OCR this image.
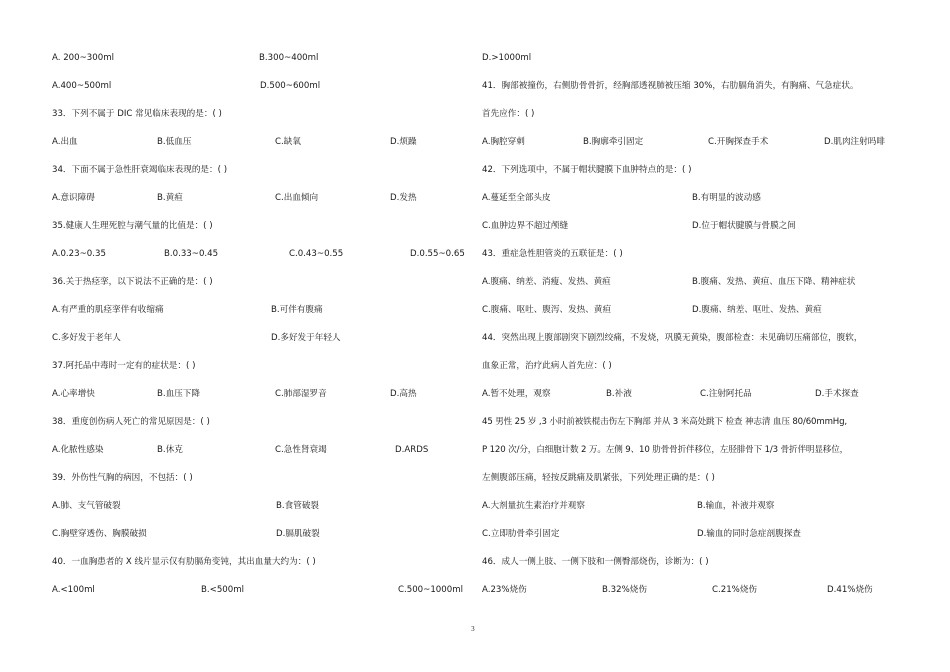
A. 200~300ml	B.300~400ml
A.400~500ml	D.500~600ml
33．下列不属于 DIC 常见临床表现的是：( )
A.出血	B.低血压	C.缺氧	D.烦躁
34．下面不属于急性肝衰竭临床表现的是：( )
A.意识障碍	B.黄疸	C.出血倾向	D.发热
35.健康人生理死腔与潮气量的比值是：( )
A.0.23~0.35	B.0.33~0.45	C.0.43~0.55	D.0.55~0.65
36.关于热痉挛，以下说法不正确的是：( )
A.有严重的肌痉挛伴有收缩痛	B.可伴有腹痛
C.多好发于老年人	D.多好发于年轻人
37.阿托品中毒时一定有的症状是：( )
A.心率增快	B.血压下降	C.肺部湿罗音	D.高热
38．重度创伤病人死亡的常见原因是：( )
A.化脓性感染	B.休克	C.急性肾衰竭	D.ARDS
39．外伤性气胸的病因，不包括：( )
A.肺、支气管破裂	B.食管破裂
C.胸壁穿透伤、胸膜破损	D.膈肌破裂
40．一血胸患者的 X 线片显示仅有肋膈角变钝，其出血量大约为：( )
A.<100ml	B.<500ml	C.500~1000ml
D.>1000ml
41．胸部被撞伤，右侧肋骨骨折，经胸部透视肺被压缩 30%，右肋膈角消失，有胸痛、气急症状。
首先应作：( )
A.胸腔穿刺	B.胸廓牵引固定	C.开胸探查手术	D.肌肉注射吗啡
42．下列选项中，不属于帽状腱膜下血肿特点的是：( )
A.蔓延至全部头皮	B.有明显的波动感
C.血肿边界不超过颅缝	D.位于帽状腱膜与骨膜之间
43．重症急性胆管炎的五联征是：( )
A.腹痛、纳差、消瘦、发热、黄疸	B.腹痛、发热、黄疸、血压下降、精神症状
C.腹痛、呕吐、腹泻、发热、黄疸	D.腹痛、纳差、呕吐、发热、黄疸
44．突然出现上腹部剧突下剧烈绞痛，不发烧，巩膜无黄染，腹部检查：未见确切压痛部位，腹软，
血象正常，治疗此病人首先应：( )
A.暂不处理，观察	B.补液	C.注射阿托品	D.手术探查
45 男性 25 岁 ,3 小时前被铁棍击伤左下胸部 并从 3 米高处跳下 检查 神志清 血压 80/60mmHg,
P 120 次/分，白细胞计数 2 万。左侧 9、10 肋骨骨折伴移位，左胫腓骨下 1/3 骨折伴明显移位，
左侧腹部压痛，轻按反跳痛及肌紧张，下列处理正确的是：( )
A.大剂量抗生素治疗并观察	B.输血，补液并观察
C.立即肋骨牵引固定	D.输血的同时急症剖腹探查
46．成人一侧上肢、一侧下肢和一侧臀部烧伤，诊断为：( )
A.23%烧伤	B.32%烧伤	C.21%烧伤	D.41%烧伤
3
